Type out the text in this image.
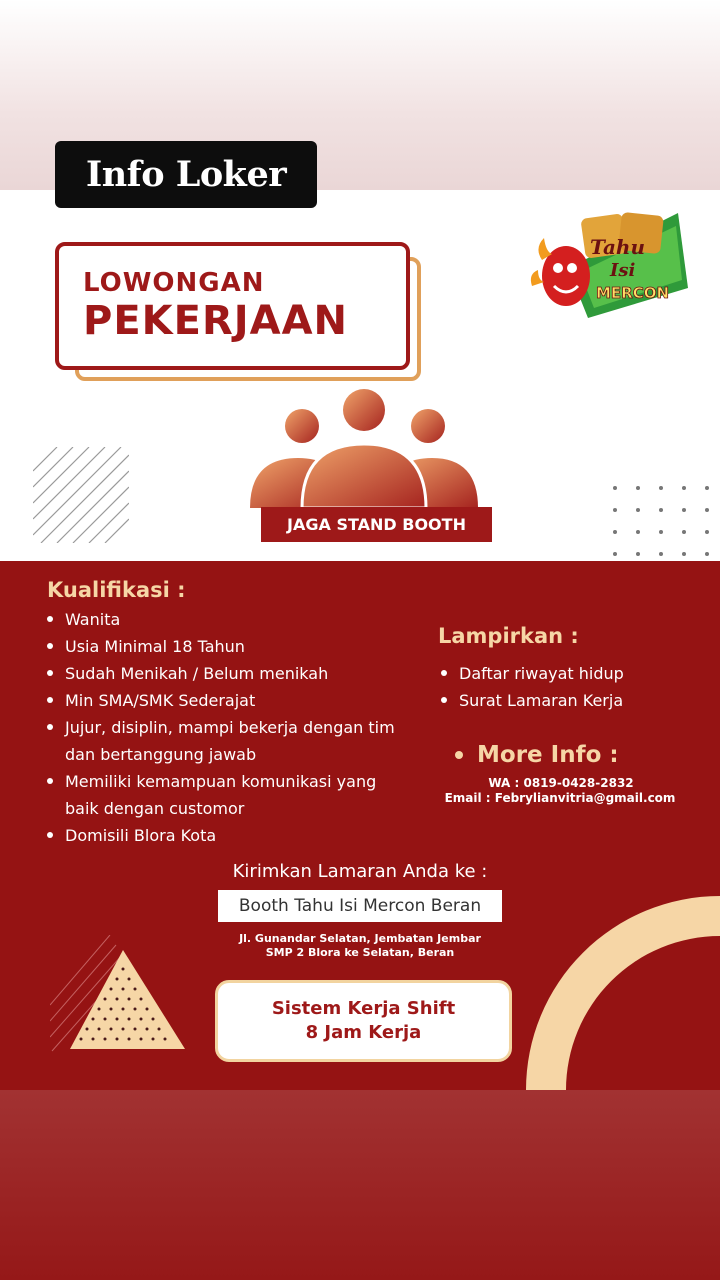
Info Loker
LOWONGAN
PEKERJAAN
Tahu
Isi
MERCON
JAGA STAND BOOTH
Kualifikasi :
Wanita
Usia Minimal 18 Tahun
Sudah Menikah / Belum menikah
Min SMA/SMK Sederajat
Jujur, disiplin, mampi bekerja dengan tim dan bertanggung jawab
Memiliki kemampuan komunikasi yang baik dengan customor
Domisili Blora Kota
Lampirkan :
Daftar riwayat hidup
Surat Lamaran Kerja
More Info :
WA : 0819-0428-2832
Email : Febrylianvitria@gmail.com
Kirimkan Lamaran Anda ke :
Booth Tahu Isi Mercon Beran
Jl. Gunandar Selatan, Jembatan Jembar
SMP 2 Blora ke Selatan, Beran
Sistem Kerja Shift
8 Jam Kerja
